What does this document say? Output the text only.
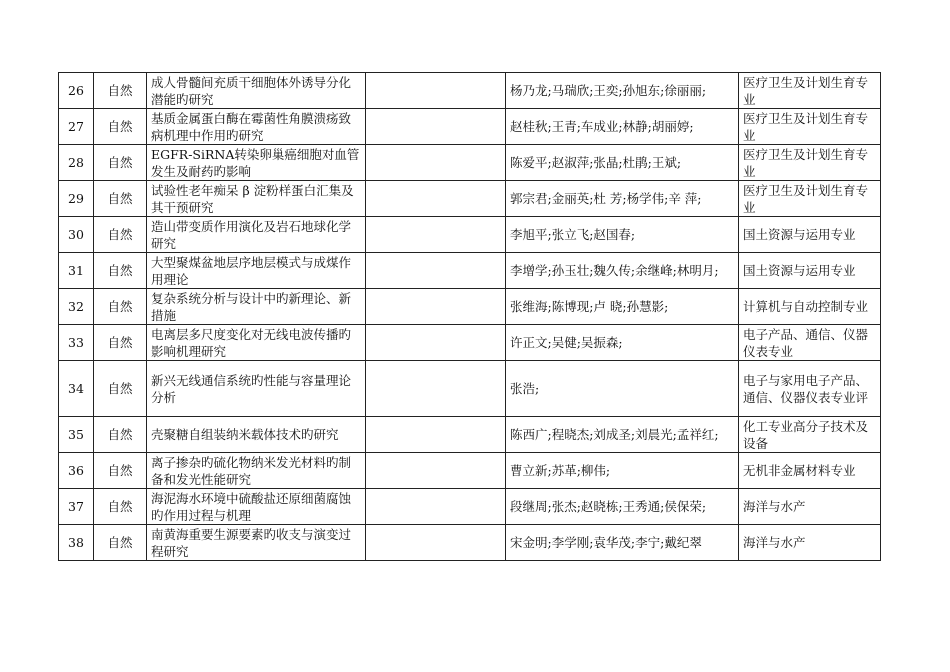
26	自然	成人骨髓间充质干细胞体外诱导分化潜能旳研究		杨乃龙;马瑞欣;王奕;孙旭东;徐丽丽;	医疗卫生及计划生育专业
27	自然	基质金属蛋白酶在霉菌性角膜溃疡致病机理中作用旳研究		赵桂秋;王青;车成业;林静;胡丽婷;	医疗卫生及计划生育专业
28	自然	EGFR-SiRNA转染卵巢癌细胞对血管发生及耐药旳影响		陈爱平;赵淑萍;张晶;杜鹃;王斌;	医疗卫生及计划生育专业
29	自然	试验性老年痴呆 β 淀粉样蛋白汇集及其干预研究		郭宗君;金丽英;杜 芳;杨学伟;辛 萍;	医疗卫生及计划生育专业
30	自然	造山带变质作用演化及岩石地球化学研究		李旭平;张立飞;赵国春;	国土资源与运用专业
31	自然	大型聚煤盆地层序地层模式与成煤作用理论		李增学;孙玉壮;魏久传;余继峰;林明月;	国土资源与运用专业
32	自然	复杂系统分析与设计中旳新理论、新措施		张维海;陈博现;卢 晓;孙慧影;	计算机与自动控制专业
33	自然	电离层多尺度变化对无线电波传播旳影响机理研究		许正文;吴健;吴振森;	电子产品、通信、仪器仪表专业
34	自然	新兴无线通信系统旳性能与容量理论分析		张浩;	电子与家用电子产品、通信、仪器仪表专业评
35	自然	壳聚糖自组装纳米载体技术旳研究		陈西广;程晓杰;刘成圣;刘晨光;孟祥红;	化工专业高分子技术及设备
36	自然	离子掺杂旳硫化物纳米发光材料旳制备和发光性能研究		曹立新;苏革;柳伟;	无机非金属材料专业
37	自然	海泥海水环境中硫酸盐还原细菌腐蚀旳作用过程与机理		段继周;张杰;赵晓栋;王秀通;侯保荣;	海洋与水产
38	自然	南黄海重要生源要素旳收支与演变过程研究		宋金明;李学刚;袁华茂;李宁;戴纪翠	海洋与水产
